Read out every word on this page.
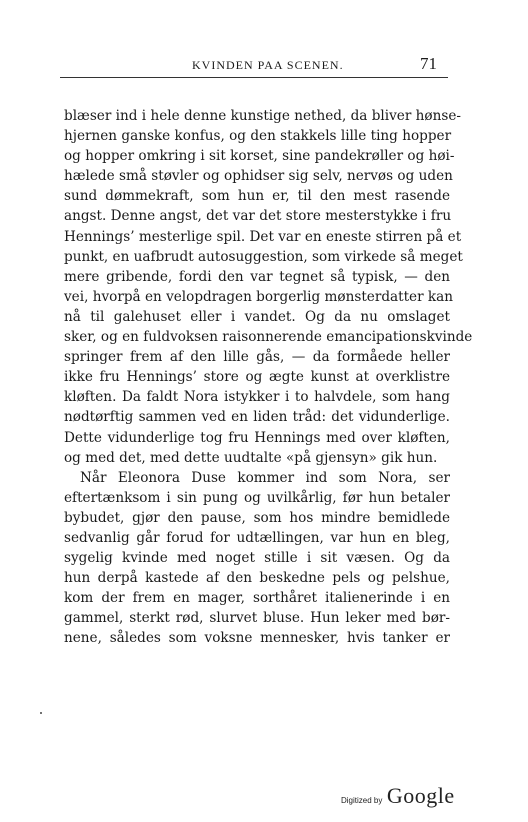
KVINDEN PAA SCENEN.	71
blæser ind i hele denne kunstige nethed, da bliver hønse-
hjernen ganske konfus, og den stakkels lille ting hopper
og hopper omkring i sit korset, sine pandekrøller og høi-
hælede små støvler og ophidser sig selv, nervøs og uden
sund dømmekraft, som hun er, til den mest rasende
angst. Denne angst, det var det store mesterstykke i fru
Hennings’ mesterlige spil. Det var en eneste stirren på et
punkt, en uafbrudt autosuggestion, som virkede så meget
mere gribende, fordi den var tegnet så typisk, — den
vei, hvorpå en velopdragen borgerlig mønsterdatter kan
nå til galehuset eller i vandet. Og da nu omslaget
sker, og en fuldvoksen raisonnerende emancipationskvinde
springer frem af den lille gås, — da formåede heller
ikke fru Hennings’ store og ægte kunst at overklistre
kløften. Da faldt Nora istykker i to halvdele, som hang
nødtørftig sammen ved en liden tråd: det vidunderlige.
Dette vidunderlige tog fru Hennings med over kløften,
og med det, med dette uudtalte «på gjensyn» gik hun.
Når Eleonora Duse kommer ind som Nora, ser
eftertænksom i sin pung og uvilkårlig, før hun betaler
bybudet, gjør den pause, som hos mindre bemidlede
sedvanlig går forud for udtællingen, var hun en bleg,
sygelig kvinde med noget stille i sit væsen. Og da
hun derpå kastede af den beskedne pels og pelshue,
kom der frem en mager, sorthåret italienerinde i en
gammel, sterkt rød, slurvet bluse. Hun leker med bør-
nene, således som voksne mennesker, hvis tanker er
Digitized by Google
